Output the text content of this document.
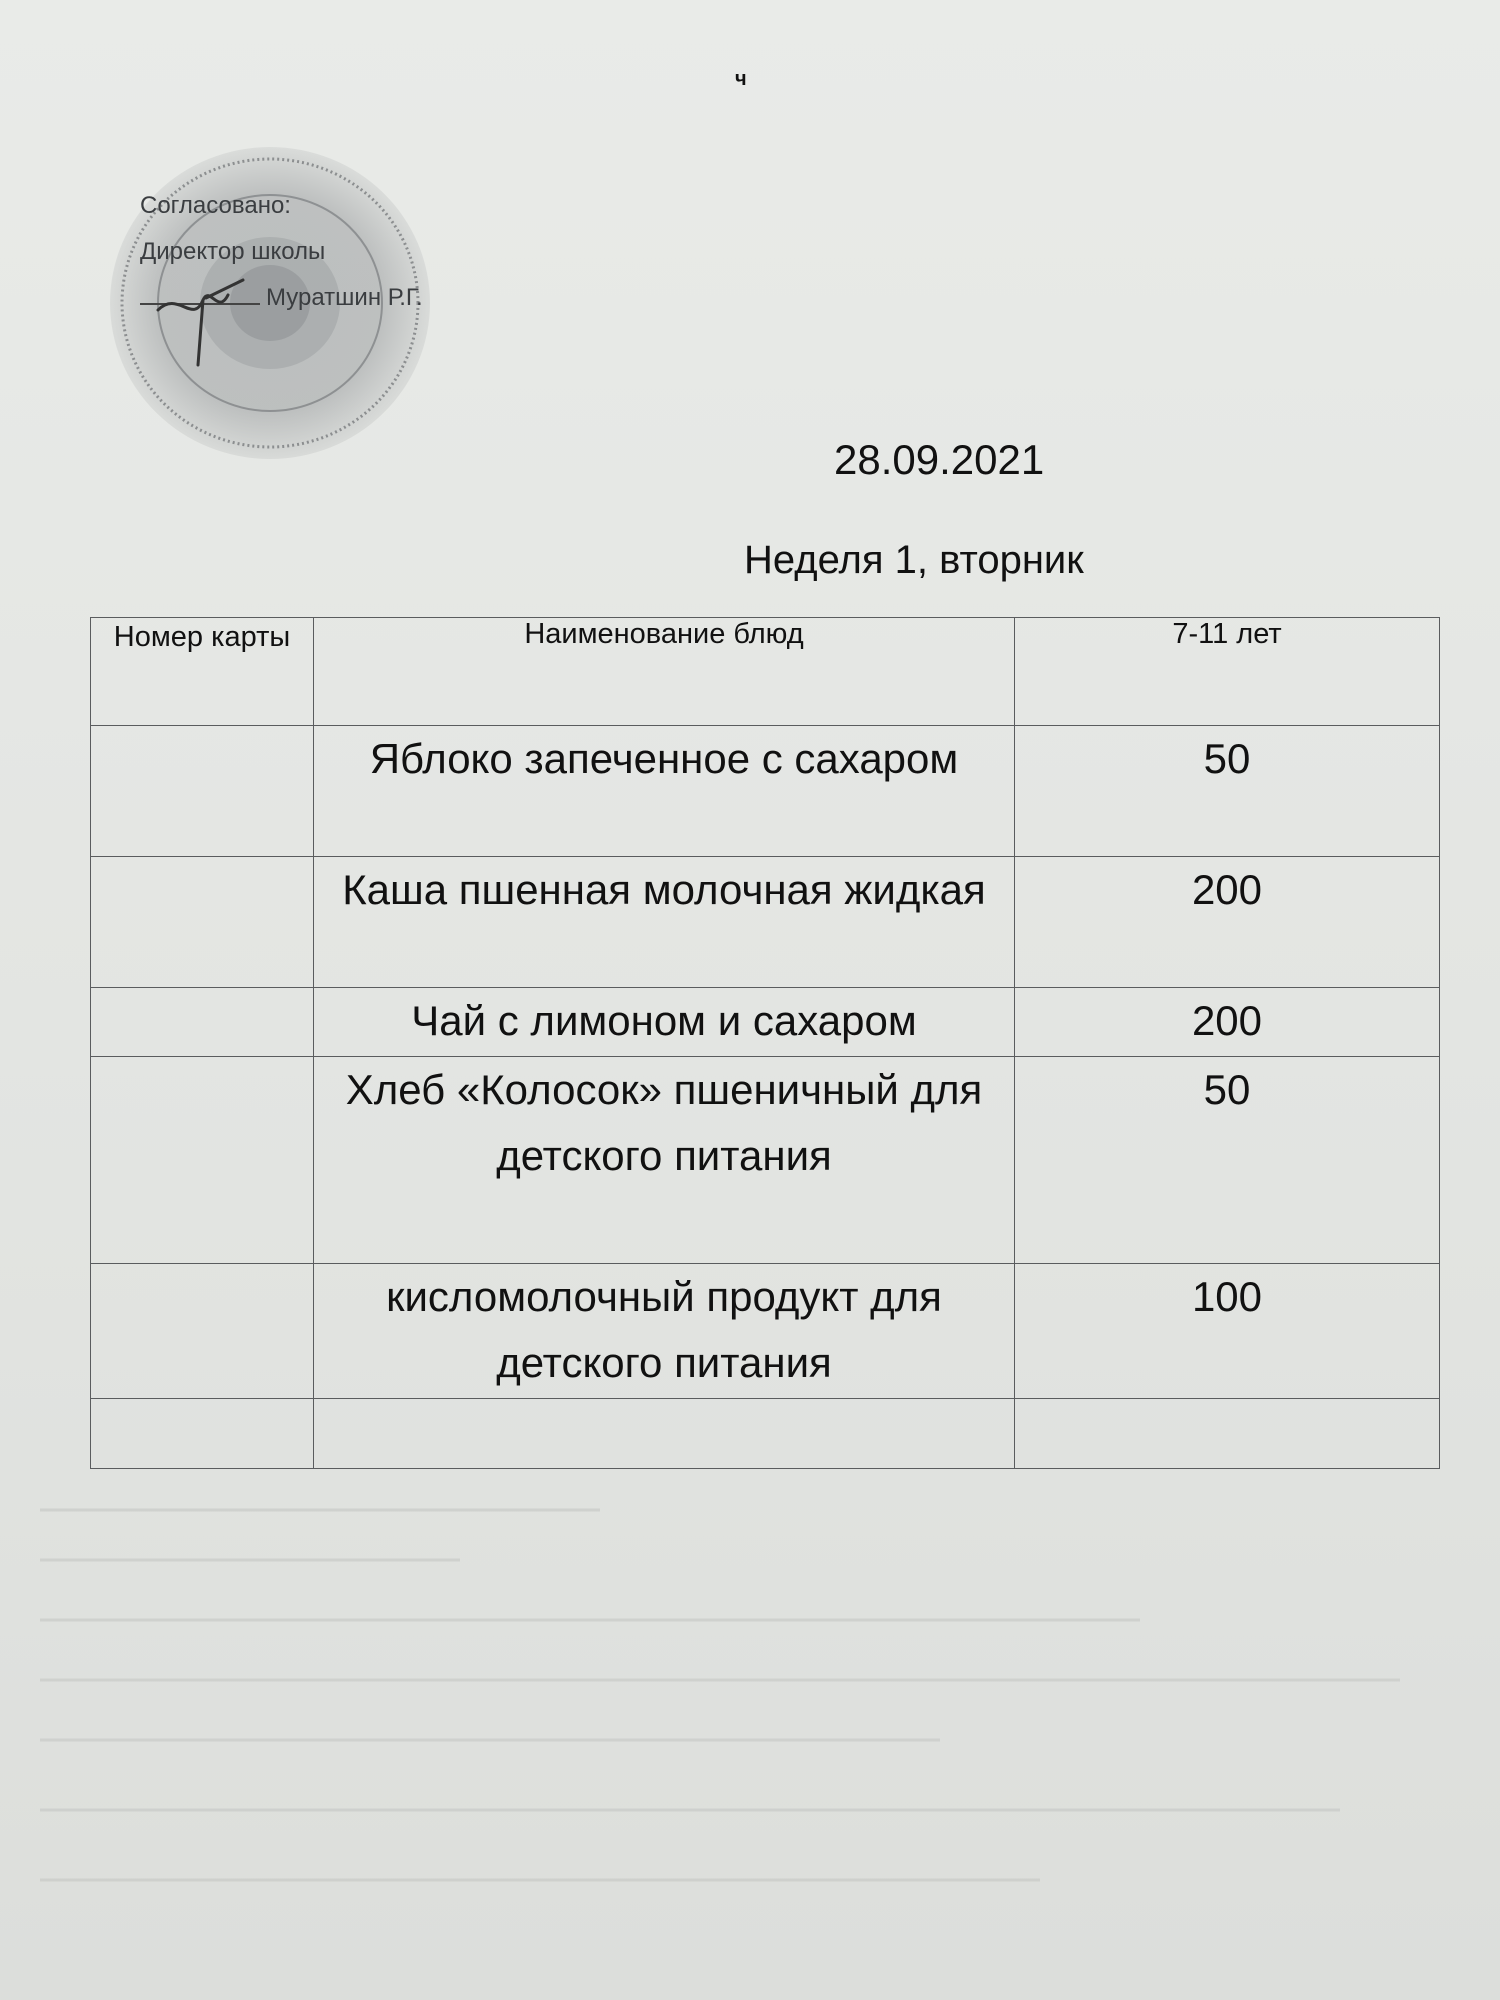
ч
Согласовано:
Директор школы
Муратшин Р.Г.
28.09.2021
Неделя 1, вторник
Номер карты	Наименование блюд	7-11 лет
	Яблоко запеченное с сахаром	50
	Каша пшенная молочная жидкая	200
	Чай с лимоном и сахаром	200
	Хлеб «Колосок» пшеничный для детского питания	50
	кисломолочный продукт для детского питания	100
